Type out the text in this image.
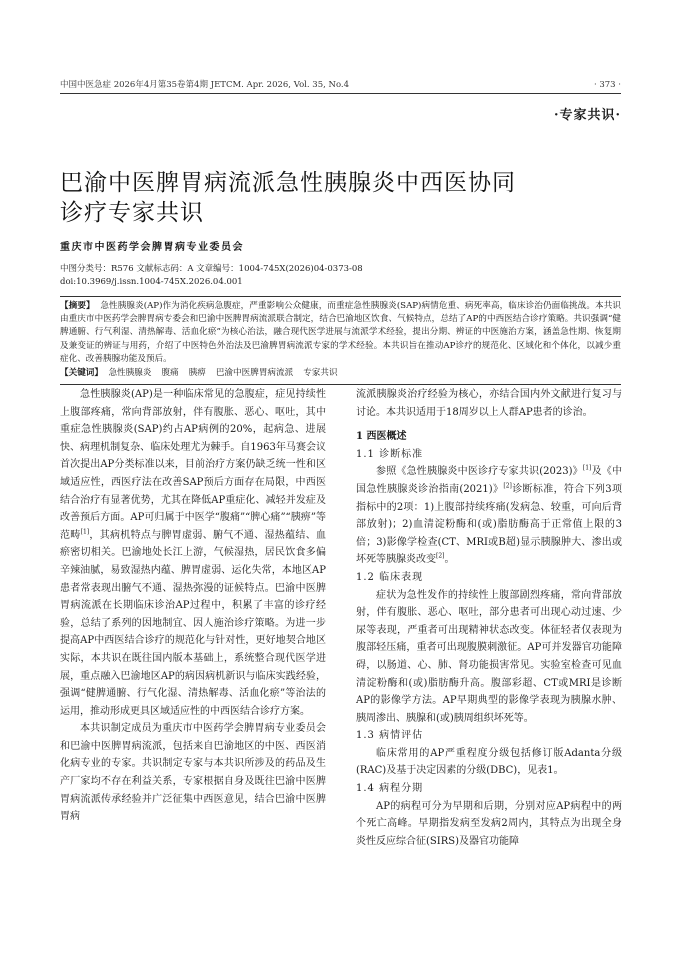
中国中医急症 2026年4月第35卷第4期 JETCM. Apr. 2026, Vol. 35, No.4	· 373 ·
·专家共识·
巴渝中医脾胃病流派急性胰腺炎中西医协同诊疗专家共识
重庆市中医药学会脾胃病专业委员会
中图分类号：R576 文献标志码：A 文章编号：1004-745X(2026)04-0373-08
doi:10.3969/j.issn.1004-745X.2026.04.001

【摘要】 急性胰腺炎(AP)作为消化疾病急腹症，严重影响公众健康，而重症急性胰腺炎(SAP)病情危重、病死率高，临床诊治仍面临挑战。本共识由重庆市中医药学会脾胃病专委会和巴渝中医脾胃病流派联合制定，结合巴渝地区饮食、气候特点，总结了AP的中西医结合诊疗策略。共识强调“健脾通腑、行气利湿、清热解毒、活血化瘀”为核心治法，融合现代医学进展与流派学术经验，提出分期、辨证的中医施治方案，涵盖急性期、恢复期及兼变证的辨证与用药，介绍了中医特色外治法及巴渝脾胃病流派专家的学术经验。本共识旨在推动AP诊疗的规范化、区域化和个体化，以减少重症化、改善胰腺功能及预后。

【关键词】 急性胰腺炎 腹痛 胰痹 巴渝中医脾胃病流派 专家共识

急性胰腺炎(AP)是一种临床常见的急腹症，症见持续性上腹部疼痛，常向背部放射，伴有腹胀、恶心、呕吐，其中重症急性胰腺炎(SAP)约占AP病例的20%，起病急、进展快、病理机制复杂、临床处理尤为棘手。自1963年马赛会议首次提出AP分类标准以来，目前治疗方案仍缺乏统一性和区域适应性，西医疗法在改善SAP预后方面存在局限，中西医结合治疗有显著优势，尤其在降低AP重症化、减轻并发症及改善预后方面。AP可归属于中医学“腹痛”“脾心痛”“胰痹”等范畴[1]，其病机特点与脾胃虚弱、腑气不通、湿热蕴结、血瘀密切相关。巴渝地处长江上游，气候湿热，居民饮食多偏辛辣油腻，易致湿热内蕴、脾胃虚弱、运化失常，本地区AP患者常表现出腑气不通、湿热弥漫的证候特点。巴渝中医脾胃病流派在长期临床诊治AP过程中，积累了丰富的诊疗经验，总结了系列的因地制宜、因人施治诊疗策略。为进一步提高AP中西医结合诊疗的规范化与针对性，更好地契合地区实际，本共识在既往国内版本基础上，系统整合现代医学进展，重点融入巴渝地区AP的病因病机新识与临床实践经验，强调“健脾通腑、行气化湿、清热解毒、活血化瘀”等治法的运用，推动形成更具区域适应性的中西医结合诊疗方案。

本共识制定成员为重庆市中医药学会脾胃病专业委员会和巴渝中医脾胃病流派，包括来自巴渝地区的中医、西医消化病专业的专家。共识制定专家与本共识所涉及的药品及生产厂家均不存在利益关系，专家根据自身及既往巴渝中医脾胃病流派传承经验并广泛征集中西医意见，结合巴渝中医脾胃病

流派胰腺炎治疗经验为核心，亦结合国内外文献进行复习与讨论。本共识适用于18周岁以上人群AP患者的诊治。

1 西医概述
1.1 诊断标准

参照《急性胰腺炎中医诊疗专家共识(2023)》[1]及《中国急性胰腺炎诊治指南(2021)》[2]诊断标准，符合下列3项指标中的2项：1)上腹部持续疼痛(发病急、较重，可向后背部放射)；2)血清淀粉酶和(或)脂肪酶高于正常值上限的3倍；3)影像学检查(CT、MRI或B超)显示胰腺肿大、渗出或坏死等胰腺炎改变[2]。

1.2 临床表现

症状为急性发作的持续性上腹部剧烈疼痛，常向背部放射，伴有腹胀、恶心、呕吐，部分患者可出现心动过速、少尿等表现，严重者可出现精神状态改变。体征轻者仅表现为腹部轻压痛，重者可出现腹膜刺激征。AP可并发器官功能障碍，以肠道、心、肺、肾功能损害常见。实验室检查可见血清淀粉酶和(或)脂肪酶升高。腹部彩超、CT或MRI是诊断AP的影像学方法。AP早期典型的影像学表现为胰腺水肿、胰周渗出、胰腺和(或)胰周组织坏死等。

1.3 病情评估

临床常用的AP严重程度分级包括修订版Adanta分级(RAC)及基于决定因素的分级(DBC)，见表1。

1.4 病程分期

AP的病程可分为早期和后期，分别对应AP病程中的两个死亡高峰。早期指发病至发病2周内，其特点为出现全身炎性反应综合征(SIRS)及器官功能障
